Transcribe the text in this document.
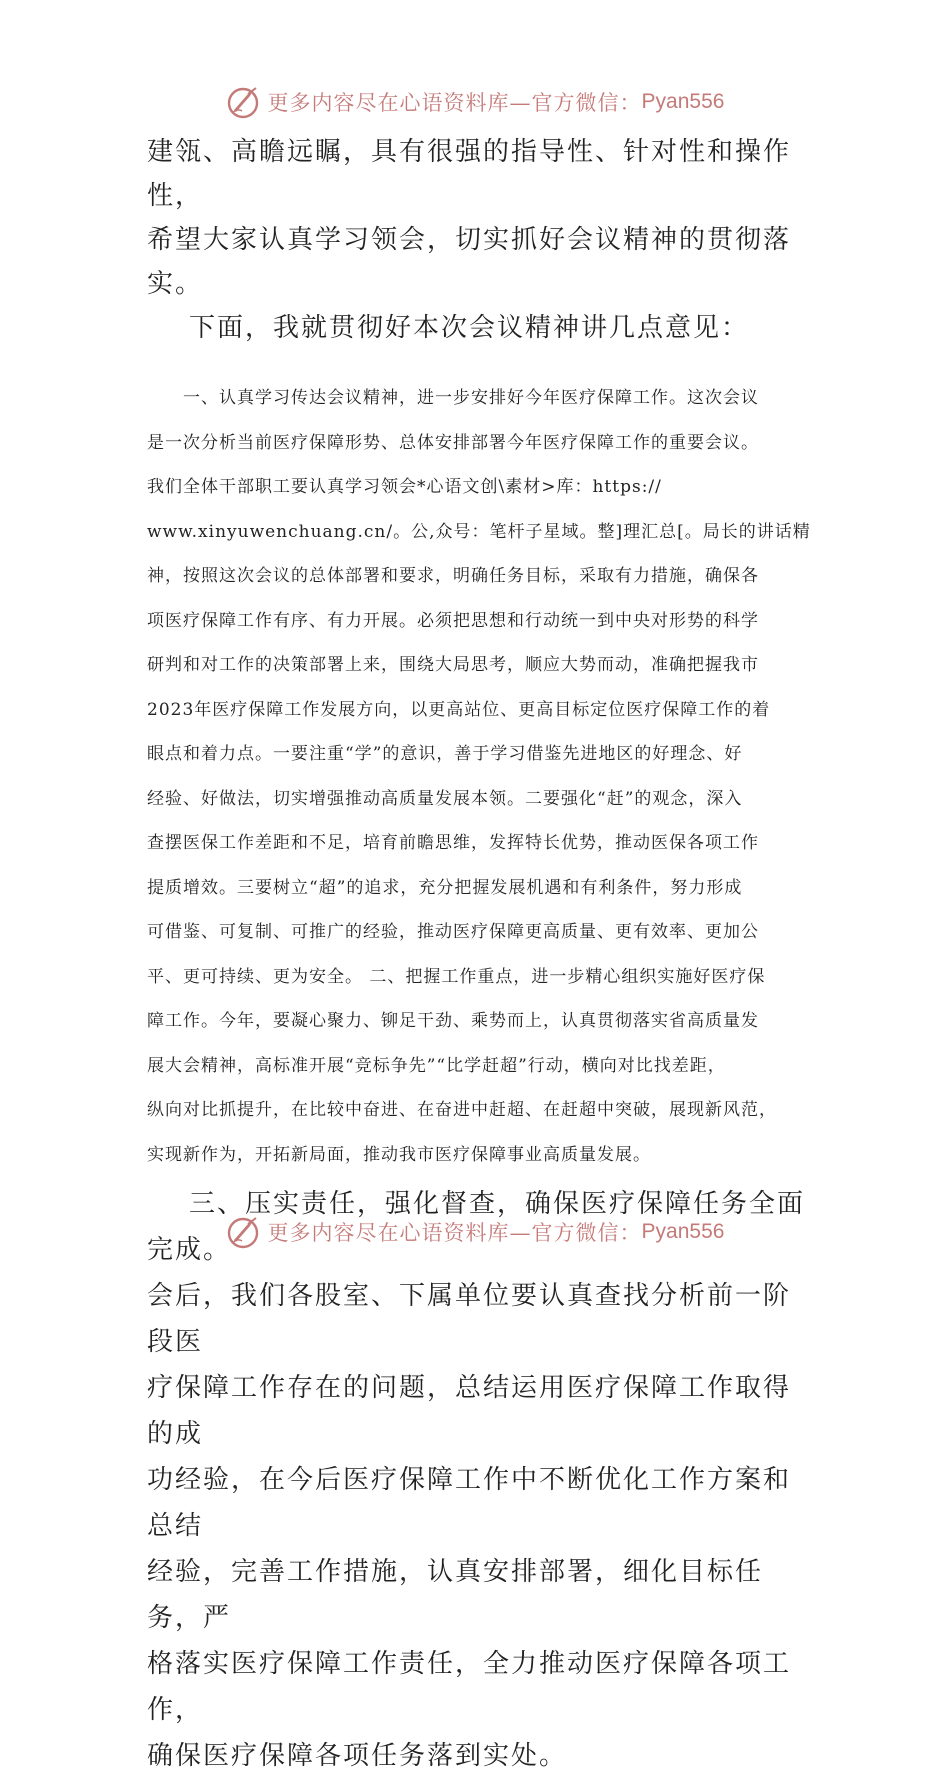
更多内容尽在心语资料库—官方微信： Pyan556

建瓴、高瞻远瞩，具有很强的指导性、针对性和操作性，

希望大家认真学习领会，切实抓好会议精神的贯彻落实。

下面，我就贯彻好本次会议精神讲几点意见：

一、认真学习传达会议精神，进一步安排好今年医疗保障工作。这次会议
是一次分析当前医疗保障形势、总体安排部署今年医疗保障工作的重要会议。
我们全体干部职工要认真学习领会*心语文创\素材>库：https://
www.xinyuwenchuang.cn/。公,众号：笔杆子星域。整]理汇总[。局长的讲话精
神，按照这次会议的总体部署和要求，明确任务目标，采取有力措施，确保各
项医疗保障工作有序、有力开展。必须把思想和行动统一到中央对形势的科学
研判和对工作的决策部署上来，围绕大局思考，顺应大势而动，准确把握我市
2023年医疗保障工作发展方向，以更高站位、更高目标定位医疗保障工作的着
眼点和着力点。一要注重“学”的意识，善于学习借鉴先进地区的好理念、好
经验、好做法，切实增强推动高质量发展本领。二要强化“赶”的观念，深入
查摆医保工作差距和不足，培育前瞻思维，发挥特长优势，推动医保各项工作
提质增效。三要树立“超”的追求，充分把握发展机遇和有利条件，努力形成
可借鉴、可复制、可推广的经验，推动医疗保障更高质量、更有效率、更加公
平、更可持续、更为安全。 二、把握工作重点，进一步精心组织实施好医疗保
障工作。今年，要凝心聚力、铆足干劲、乘势而上，认真贯彻落实省高质量发
展大会精神，高标准开展“竞标争先”“比学赶超”行动，横向对比找差距，
纵向对比抓提升，在比较中奋进、在奋进中赶超、在赶超中突破，展现新风范，
实现新作为，开拓新局面，推动我市医疗保障事业高质量发展。

三、压实责任，强化督查，确保医疗保障任务全面完成。

会后，我们各股室、下属单位要认真查找分析前一阶段医

疗保障工作存在的问题，总结运用医疗保障工作取得的成

功经验，在今后医疗保障工作中不断优化工作方案和总结

经验，完善工作措施，认真安排部署，细化目标任务，严

格落实医疗保障工作责任，全力推动医疗保障各项工作，

确保医疗保障各项任务落到实处。

更多内容尽在心语资料库—官方微信： Pyan556
